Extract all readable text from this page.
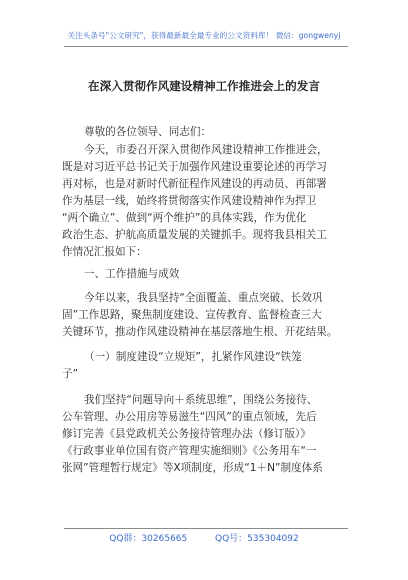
关注头条号"公文研究"，获得最新最全最专业的公文资料库！ 微信：gongwenyj
在深入贯彻作风建设精神工作推进会上的发言
尊敬的各位领导、同志们：
今天，市委召开深入贯彻作风建设精神工作推进会，
既是对习近平总书记关于加强作风建设重要论述的再学习
再对标，也是对新时代新征程作风建设的再动员、再部署
作为基层一线，始终将贯彻落实作风建设精神作为捍卫
“两个确立”、做到“两个维护”的具体实践，作为优化
政治生态、护航高质量发展的关键抓手。现将我县相关工
作情况汇报如下：
一、工作措施与成效
今年以来，我县坚持“全面覆盖、重点突破、长效巩
固”工作思路，聚焦制度建设、宣传教育、监督检查三大
关键环节，推动作风建设精神在基层落地生根、开花结果。
（一）制度建设“立规矩”，扎紧作风建设“铁笼
子”
我们坚持“问题导向＋系统思维”，围绕公务接待、
公车管理、办公用房等易滋生“四风”的重点领域，先后
修订完善《县党政机关公务接待管理办法（修订版）》
《行政事业单位国有资产管理实施细则》《公务用车“一
张网”管理暂行规定》等X项制度，形成“1＋N”制度体系
QQ群：30265665	QQ号：535304092
